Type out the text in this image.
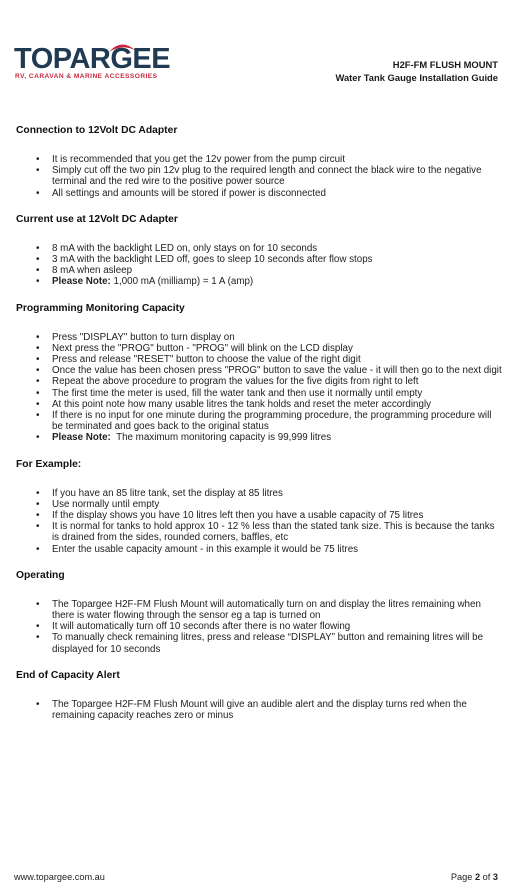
TOPARGEE
RV, CARAVAN & MARINE ACCESSORIES
H2F-FM FLUSH MOUNT
Water Tank Gauge Installation Guide
Connection to 12Volt DC Adapter
• It is recommended that you get the 12v power from the pump circuit
• Simply cut off the two pin 12v plug to the required length and connect the black wire to the negative terminal and the red wire to the positive power source
• All settings and amounts will be stored if power is disconnected
Current use at 12Volt DC Adapter
• 8 mA with the backlight LED on, only stays on for 10 seconds
• 3 mA with the backlight LED off, goes to sleep 10 seconds after flow stops
• 8 mA when asleep
• Please Note: 1,000 mA (milliamp) = 1 A (amp)
Programming Monitoring Capacity
• Press "DISPLAY" button to turn display on
• Next press the "PROG" button - "PROG" will blink on the LCD display
• Press and release "RESET" button to choose the value of the right digit
• Once the value has been chosen press "PROG" button to save the value - it will then go to the next digit
• Repeat the above procedure to program the values for the five digits from right to left
• The first time the meter is used, fill the water tank and then use it normally until empty
• At this point note how many usable litres the tank holds and reset the meter accordingly
• If there is no input for one minute during the programming procedure, the programming procedure will be terminated and goes back to the original status
• Please Note:  The maximum monitoring capacity is 99,999 litres
For Example:
• If you have an 85 litre tank, set the display at 85 litres
• Use normally until empty
• If the display shows you have 10 litres left then you have a usable capacity of 75 litres
• It is normal for tanks to hold approx 10 - 12 % less than the stated tank size. This is because the tanks is drained from the sides, rounded corners, baffles, etc
• Enter the usable capacity amount - in this example it would be 75 litres
Operating
• The Topargee H2F-FM Flush Mount will automatically turn on and display the litres remaining when there is water flowing through the sensor eg a tap is turned on
• It will automatically turn off 10 seconds after there is no water flowing
• To manually check remaining litres, press and release “DISPLAY” button and remaining litres will be displayed for 10 seconds
End of Capacity Alert
• The Topargee H2F-FM Flush Mount will give an audible alert and the display turns red when the remaining capacity reaches zero or minus
www.topargee.com.au	Page 2 of 3
